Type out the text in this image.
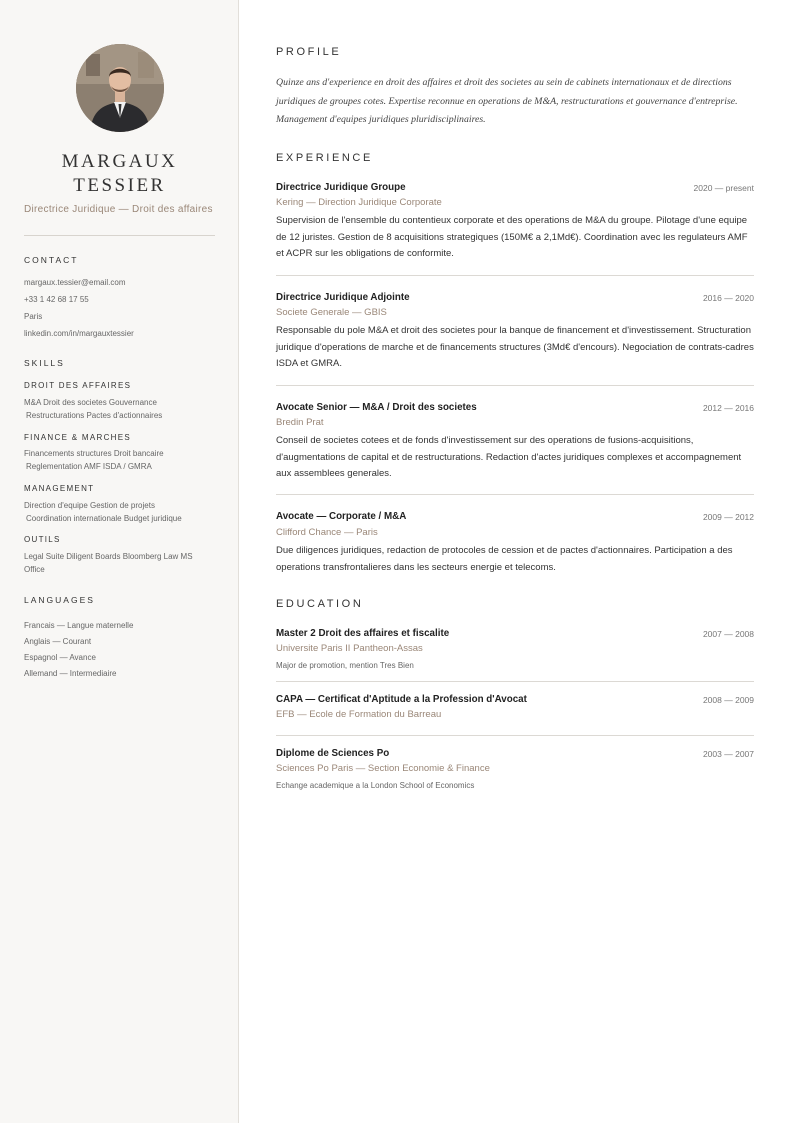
MARGAUX
TESSIER
Directrice Juridique — Droit des affaires
CONTACT
margaux.tessier@email.com
+33 1 42 68 17 55
Paris
linkedin.com/in/margauxtessier
SKILLS
DROIT DES AFFAIRES
M&A Droit des societes Gouvernance
Restructurations Pactes d'actionnaires
FINANCE & MARCHES
Financements structures Droit bancaire
Reglementation AMF ISDA / GMRA
MANAGEMENT
Direction d'equipe Gestion de projets
Coordination internationale Budget juridique
OUTILS
Legal Suite Diligent Boards Bloomberg Law MS
Office
LANGUAGES
Francais — Langue maternelle
Anglais — Courant
Espagnol — Avance
Allemand — Intermediaire
PROFILE
Quinze ans d'experience en droit des affaires et droit des societes au sein de cabinets internationaux et de directions juridiques de groupes cotes. Expertise reconnue en operations de M&A, restructurations et gouvernance d'entreprise. Management d'equipes juridiques pluridisciplinaires.
EXPERIENCE
Directrice Juridique Groupe	2020 — present
Kering — Direction Juridique Corporate
Supervision de l'ensemble du contentieux corporate et des operations de M&A du groupe. Pilotage d'une equipe de 12 juristes. Gestion de 8 acquisitions strategiques (150M€ a 2,1Md€). Coordination avec les regulateurs AMF et ACPR sur les obligations de conformite.
Directrice Juridique Adjointe	2016 — 2020
Societe Generale — GBIS
Responsable du pole M&A et droit des societes pour la banque de financement et d'investissement. Structuration juridique d'operations de marche et de financements structures (3Md€ d'encours). Negociation de contrats-cadres ISDA et GMRA.
Avocate Senior — M&A / Droit des societes	2012 — 2016
Bredin Prat
Conseil de societes cotees et de fonds d'investissement sur des operations de fusions-acquisitions, d'augmentations de capital et de restructurations. Redaction d'actes juridiques complexes et accompagnement aux assemblees generales.
Avocate — Corporate / M&A	2009 — 2012
Clifford Chance — Paris
Due diligences juridiques, redaction de protocoles de cession et de pactes d'actionnaires. Participation a des operations transfrontalieres dans les secteurs energie et telecoms.
EDUCATION
Master 2 Droit des affaires et fiscalite	2007 — 2008
Universite Paris II Pantheon-Assas
Major de promotion, mention Tres Bien
CAPA — Certificat d'Aptitude a la Profession d'Avocat	2008 — 2009
EFB — Ecole de Formation du Barreau
Diplome de Sciences Po	2003 — 2007
Sciences Po Paris — Section Economie & Finance
Echange academique a la London School of Economics
